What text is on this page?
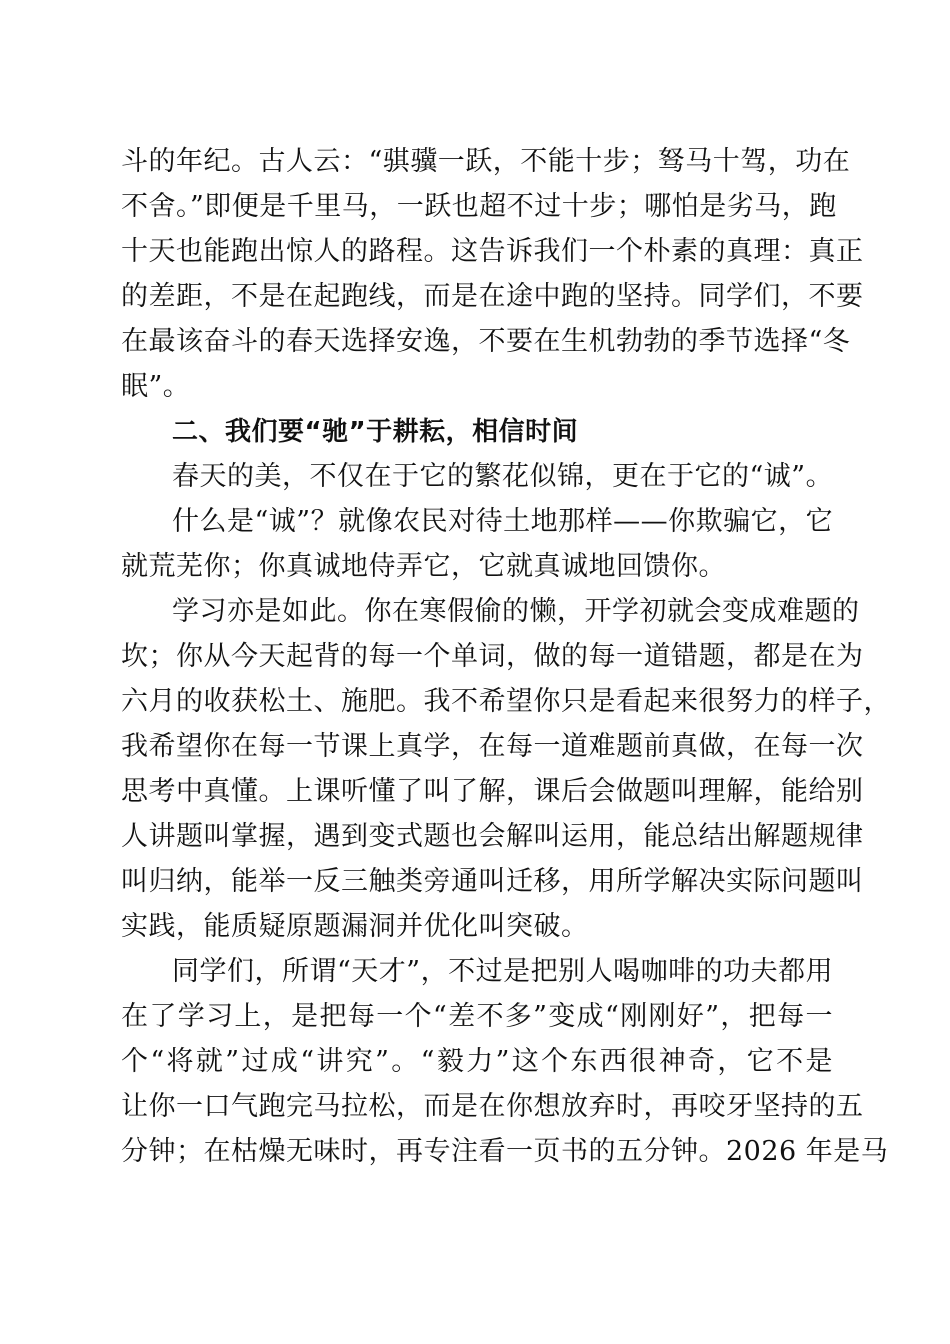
斗的年纪。古人云：“骐骥一跃，不能十步；驽马十驾，功在
不舍。”即便是千里马，一跃也超不过十步；哪怕是劣马，跑
十天也能跑出惊人的路程。这告诉我们一个朴素的真理：真正
的差距，不是在起跑线，而是在途中跑的坚持。同学们，不要
在最该奋斗的春天选择安逸，不要在生机勃勃的季节选择“冬
眠”。
二、我们要“驰”于耕耘，相信时间
春天的美，不仅在于它的繁花似锦，更在于它的“诚”。
什么是“诚”？就像农民对待土地那样——你欺骗它，它
就荒芜你；你真诚地侍弄它，它就真诚地回馈你。
学习亦是如此。你在寒假偷的懒，开学初就会变成难题的
坎；你从今天起背的每一个单词，做的每一道错题，都是在为
六月的收获松土、施肥。我不希望你只是看起来很努力的样子，
我希望你在每一节课上真学，在每一道难题前真做，在每一次
思考中真懂。上课听懂了叫了解，课后会做题叫理解，能给别
人讲题叫掌握，遇到变式题也会解叫运用，能总结出解题规律
叫归纳，能举一反三触类旁通叫迁移，用所学解决实际问题叫
实践，能质疑原题漏洞并优化叫突破。
同学们，所谓“天才”，不过是把别人喝咖啡的功夫都用
在了学习上，是把每一个“差不多”变成“刚刚好”，把每一
个“将就”过成“讲究”。“毅力”这个东西很神奇，它不是
让你一口气跑完马拉松，而是在你想放弃时，再咬牙坚持的五
分钟；在枯燥无味时，再专注看一页书的五分钟。2026 年是马
